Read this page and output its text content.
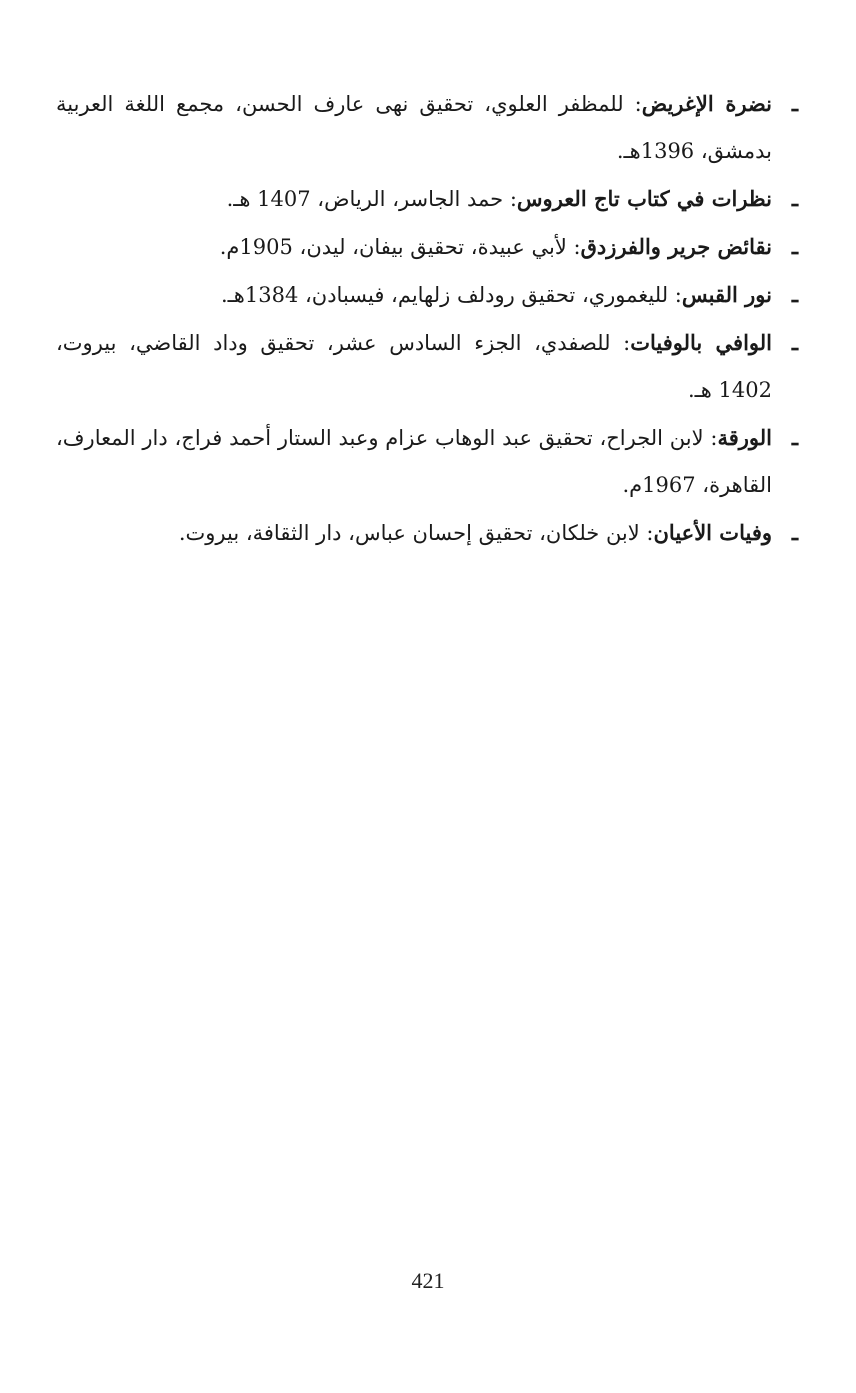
ـ
نضرة الإغريض: للمظفر العلوي، تحقيق نهى عارف الحسن، مجمع اللغة العربية بدمشق، 1396هـ.
ـ
نظرات في كتاب تاج العروس: حمد الجاسر، الرياض، 1407 هـ.
ـ
نقائض جرير والفرزدق: لأبي عبيدة، تحقيق بيفان، ليدن، 1905م.
ـ
نور القبس: لليغموري، تحقيق رودلف زلهايم، فيسبادن، 1384هـ.
ـ
الوافي بالوفيات: للصفدي، الجزء السادس عشر، تحقيق وداد القاضي، بيروت، 1402 هـ.
ـ
الورقة: لابن الجراح، تحقيق عبد الوهاب عزام وعبد الستار أحمد فراج، دار المعارف، القاهرة، 1967م.
ـ
وفيات الأعيان: لابن خلكان، تحقيق إحسان عباس، دار الثقافة، بيروت.
421
